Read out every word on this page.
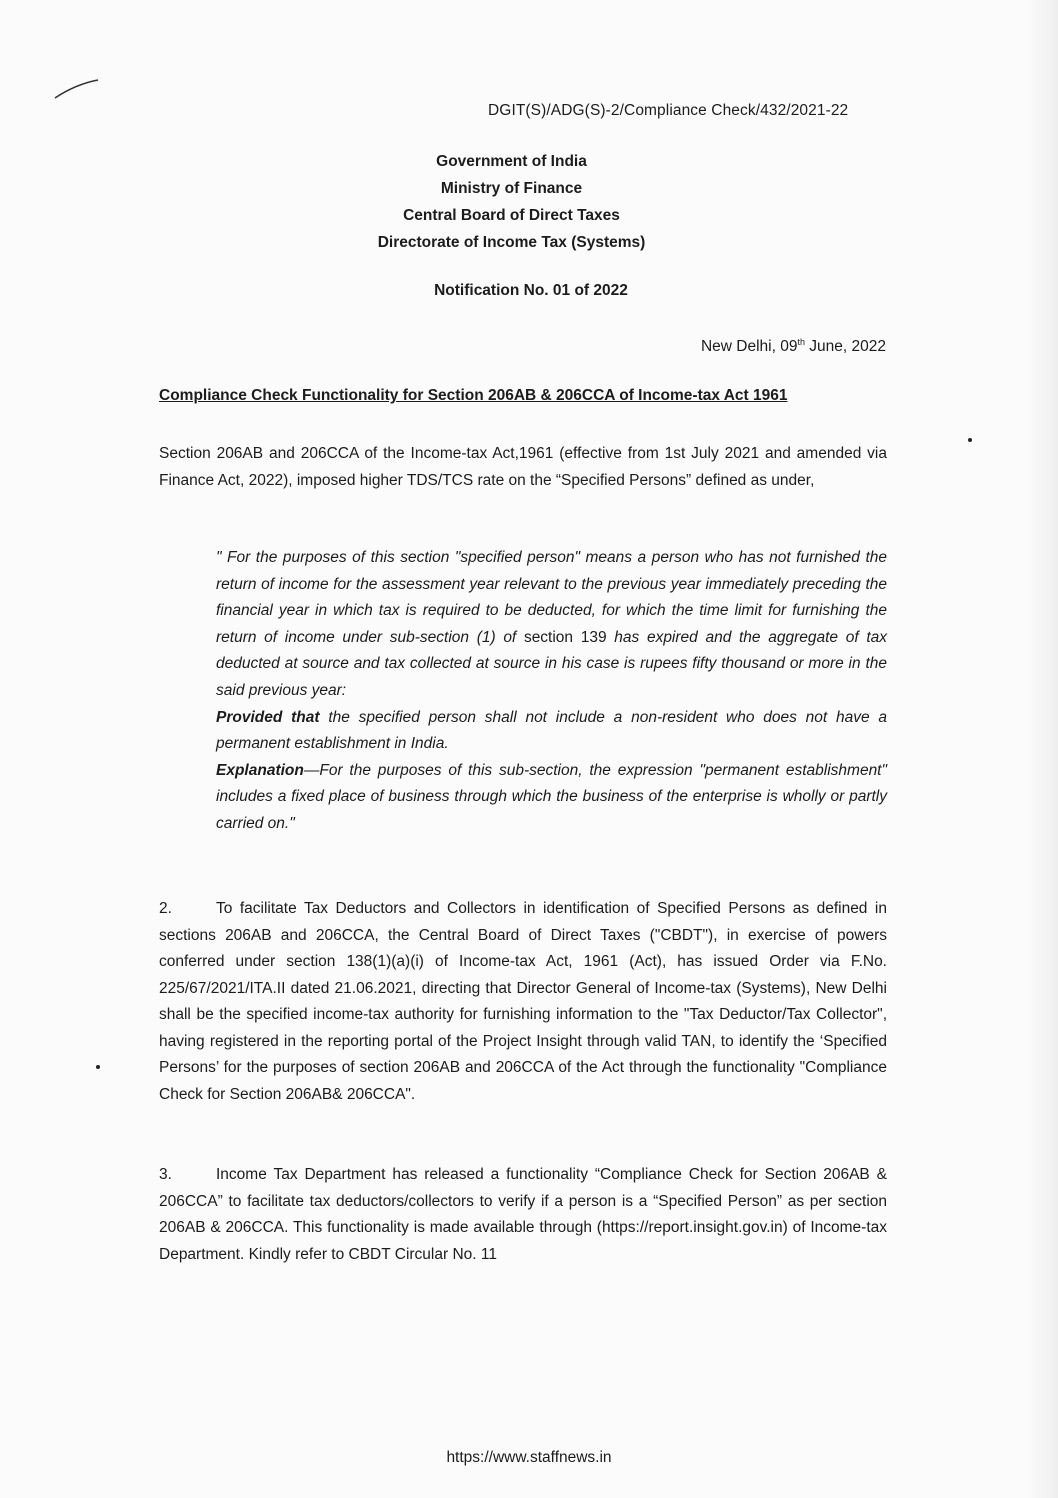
DGIT(S)/ADG(S)-2/Compliance Check/432/2021-22
Government of India
Ministry of Finance
Central Board of Direct Taxes
Directorate of Income Tax (Systems)
Notification No. 01 of 2022
New Delhi, 09th June, 2022
Compliance Check Functionality for Section 206AB & 206CCA of Income-tax Act 1961
Section 206AB and 206CCA of the Income-tax Act,1961 (effective from 1st July 2021 and amended via Finance Act, 2022), imposed higher TDS/TCS rate on the “Specified Persons” defined as under,

" For the purposes of this section "specified person" means a person who has not furnished the return of income for the assessment year relevant to the previous year immediately preceding the financial year in which tax is required to be deducted, for which the time limit for furnishing the return of income under sub-section (1) of section 139 has expired and the aggregate of tax deducted at source and tax collected at source in his case is rupees fifty thousand or more in the said previous year:

Provided that the specified person shall not include a non-resident who does not have a permanent establishment in India.

Explanation—For the purposes of this sub-section, the expression "permanent establishment" includes a fixed place of business through which the business of the enterprise is wholly or partly carried on."

2.	To facilitate Tax Deductors and Collectors in identification of Specified Persons as defined in sections 206AB and 206CCA, the Central Board of Direct Taxes ("CBDT"), in exercise of powers conferred under section 138(1)(a)(i) of Income-tax Act, 1961 (Act), has issued Order via F.No. 225/67/2021/ITA.II dated 21.06.2021, directing that Director General of Income-tax (Systems), New Delhi shall be the specified income-tax authority for furnishing information to the "Tax Deductor/Tax Collector", having registered in the reporting portal of the Project Insight through valid TAN, to identify the ‘Specified Persons’ for the purposes of section 206AB and 206CCA of the Act through the functionality "Compliance Check for Section 206AB& 206CCA".
3.	Income Tax Department has released a functionality “Compliance Check for Section 206AB & 206CCA” to facilitate tax deductors/collectors to verify if a person is a “Specified Person” as per section 206AB & 206CCA. This functionality is made available through (https://report.insight.gov.in) of Income-tax Department. Kindly refer to CBDT Circular No. 11
https://www.staffnews.in
